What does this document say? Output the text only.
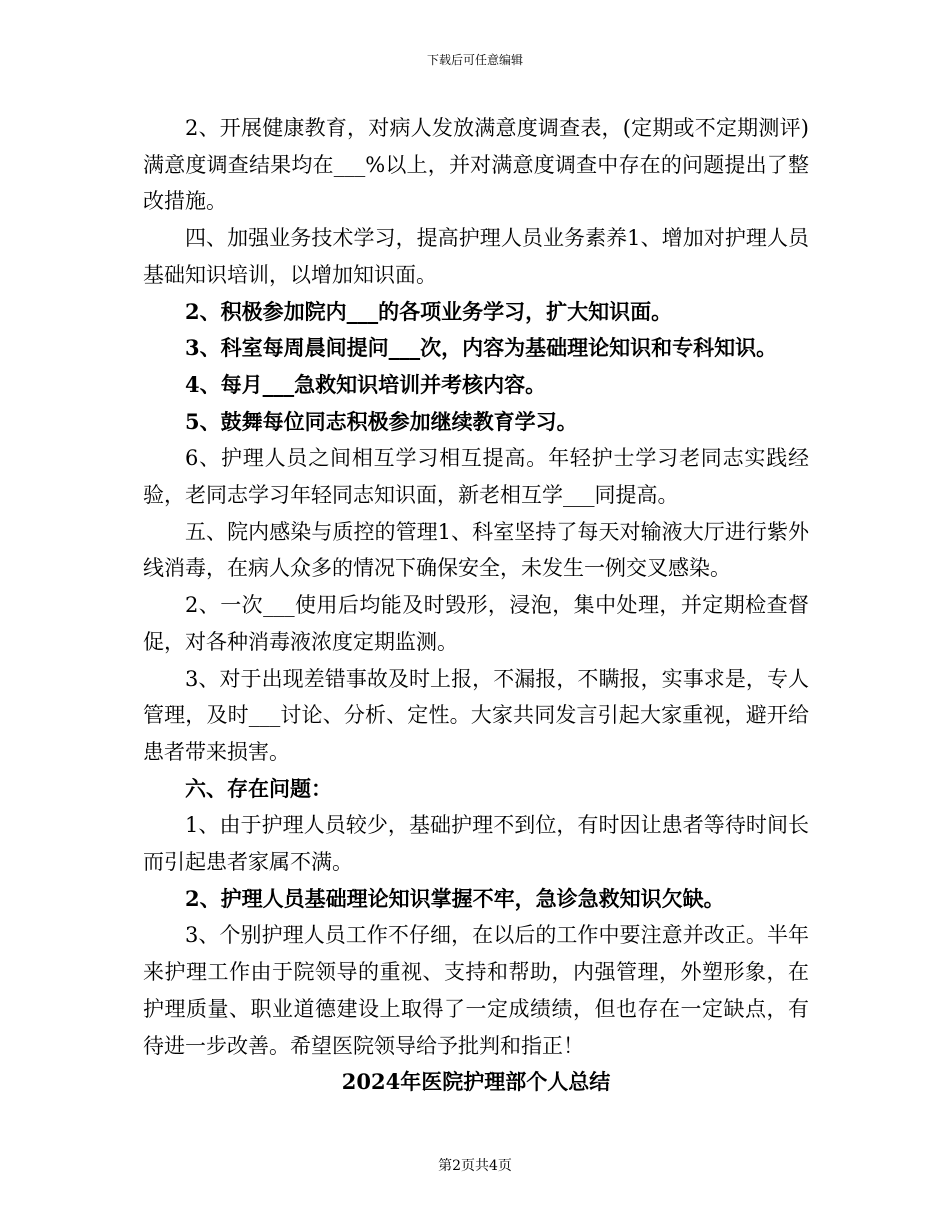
下载后可任意编辑

2、开展健康教育，对病人发放满意度调查表，(定期或不定期测评)满意度调查结果均在___%以上，并对满意度调查中存在的问题提出了整改措施。

四、加强业务技术学习，提高护理人员业务素养1、增加对护理人员基础知识培训，以增加知识面。

2、积极参加院内___的各项业务学习，扩大知识面。

3、科室每周晨间提问___次，内容为基础理论知识和专科知识。

4、每月___急救知识培训并考核内容。

5、鼓舞每位同志积极参加继续教育学习。

6、护理人员之间相互学习相互提高。年轻护士学习老同志实践经验，老同志学习年轻同志知识面，新老相互学___同提高。

五、院内感染与质控的管理1、科室坚持了每天对输液大厅进行紫外线消毒，在病人众多的情况下确保安全，未发生一例交叉感染。

2、一次___使用后均能及时毁形，浸泡，集中处理，并定期检查督促，对各种消毒液浓度定期监测。

3、对于出现差错事故及时上报，不漏报，不瞒报，实事求是，专人管理，及时___讨论、分析、定性。大家共同发言引起大家重视，避开给患者带来损害。

六、存在问题：

1、由于护理人员较少，基础护理不到位，有时因让患者等待时间长而引起患者家属不满。

2、护理人员基础理论知识掌握不牢，急诊急救知识欠缺。

3、个别护理人员工作不仔细，在以后的工作中要注意并改正。半年来护理工作由于院领导的重视、支持和帮助，内强管理，外塑形象，在护理质量、职业道德建设上取得了一定成绩绩，但也存在一定缺点，有待进一步改善。希望医院领导给予批判和指正！

2024年医院护理部个人总结

第2页共4页
